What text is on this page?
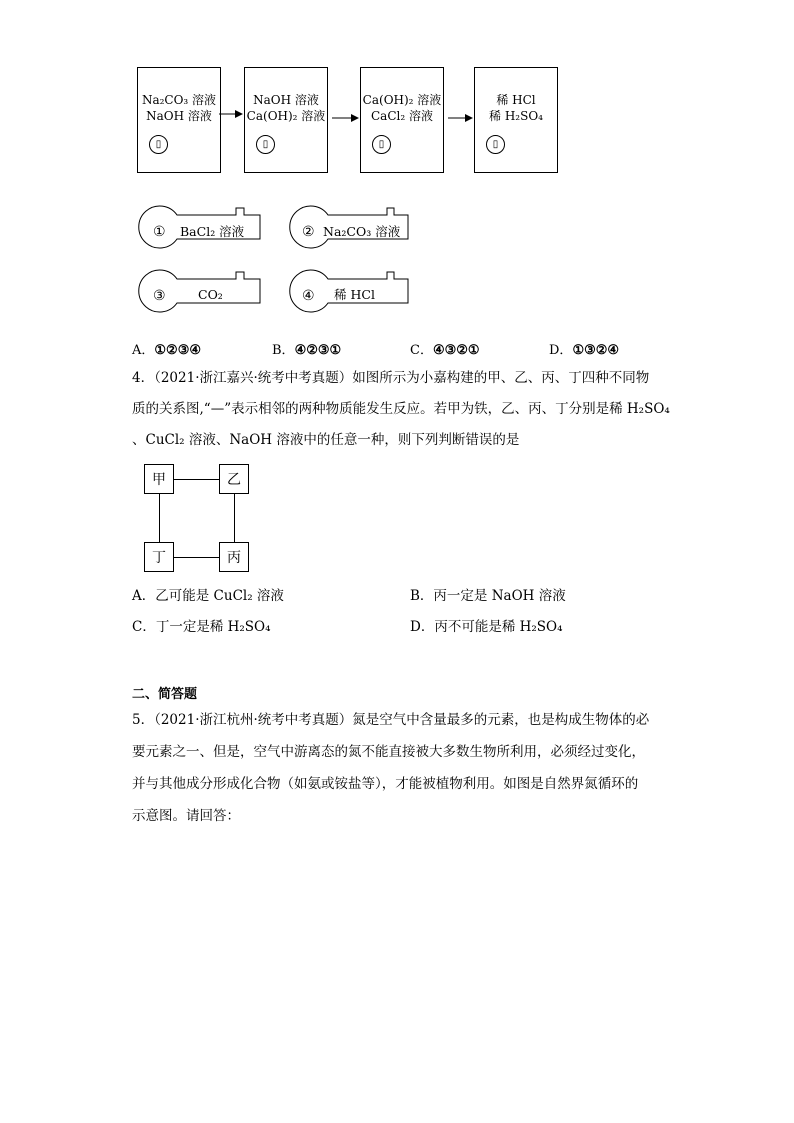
Na₂CO₃ 溶液
NaOH 溶液
▯
NaOH 溶液
Ca(OH)₂ 溶液
▯
Ca(OH)₂ 溶液
CaCl₂ 溶液
▯
稀 HCl
稀 H₂SO₄
▯
① BaCl₂ 溶液	② Na₂CO₃ 溶液
③	CO₂	④ 稀 HCl
A．①②③④	B．④②③①	C．④③②①	D．①③②④
4．（2021·浙江嘉兴·统考中考真题）如图所示为小嘉构建的甲、乙、丙、丁四种不同物
质的关系图,“—”表示相邻的两种物质能发生反应。若甲为铁，乙、丙、丁分别是稀 H₂SO₄
、CuCl₂ 溶液、NaOH 溶液中的任意一种，则下列判断错误的是
甲	乙
丁	丙
A．乙可能是 CuCl₂ 溶液	B．丙一定是 NaOH 溶液
C．丁一定是稀 H₂SO₄	D．丙不可能是稀 H₂SO₄
二、简答题
5．（2021·浙江杭州·统考中考真题）氮是空气中含量最多的元素，也是构成生物体的必
要元素之一、但是，空气中游离态的氮不能直接被大多数生物所利用，必须经过变化，
并与其他成分形成化合物（如氨或铵盐等），才能被植物利用。如图是自然界氮循环的
示意图。请回答：
